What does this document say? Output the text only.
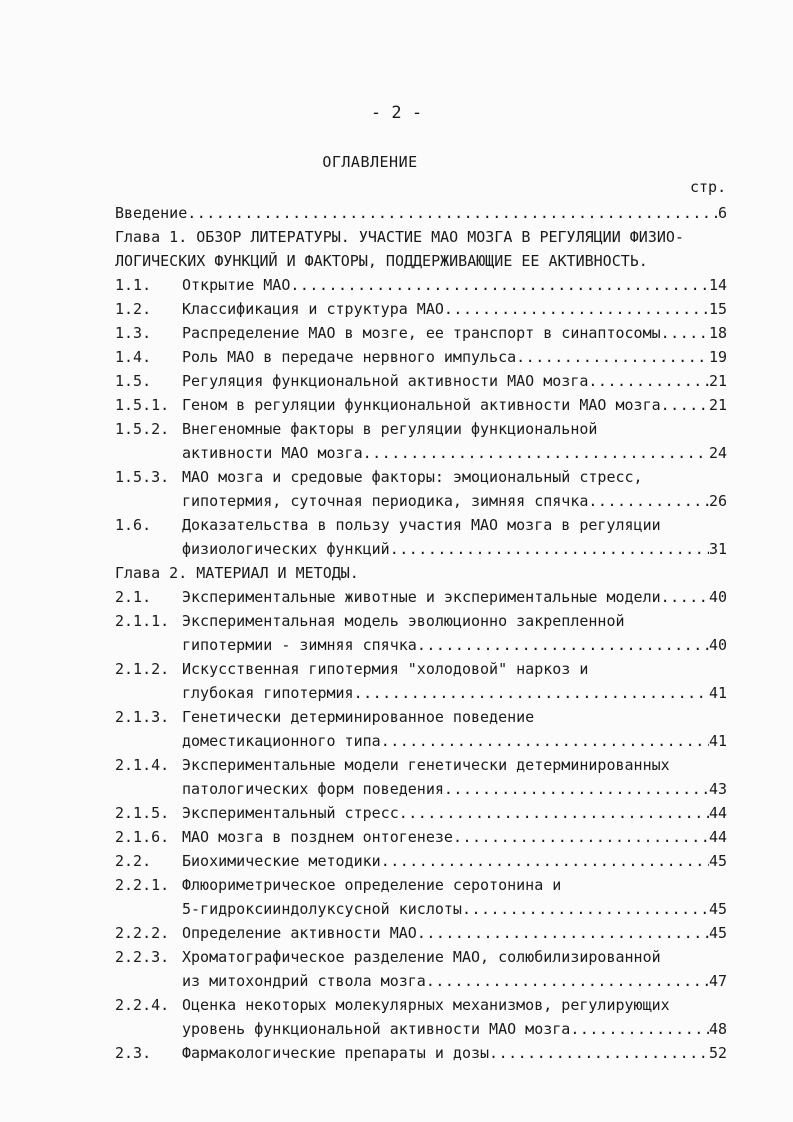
- 2 -
ОГЛАВЛЕНИЕ
стр.
Введение .....	6
Глава 1. ОБЗОР ЛИТЕРАТУРЫ. УЧАСТИЕ МАО МОЗГА В РЕГУЛЯЦИИ ФИЗИО-
ЛОГИЧЕСКИХ ФУНКЦИЙ И ФАКТОРЫ, ПОДДЕРЖИВАЮЩИЕ ЕЕ АКТИВНОСТЬ.
1.1.	Открытие МАО .....	14
1.2.	Классификация и структура МАО .....	15
1.3.	Распределение МАО в мозге, ее транспорт в синаптосомы .....	18
1.4.	Роль МАО в передаче нервного импульса .....	19
1.5.	Регуляция функциональной активности МАО мозга .....	21
1.5.1. Геном в регуляции функциональной активности МАО мозга .....	21
1.5.2. Внегеномные факторы в регуляции функциональной
активности МАО мозга .....	24
1.5.3. МАО мозга и средовые факторы: эмоциональный стресс,
гипотермия, суточная периодика, зимняя спячка .....	26
1.6.	Доказательства в пользу участия МАО мозга в регуляции
физиологических функций .....	31
Глава 2. МАТЕРИАЛ И МЕТОДЫ.
2.1.	Экспериментальные животные и экспериментальные модели .....	40
2.1.1. Экспериментальная модель эволюционно закрепленной
гипотермии - зимняя спячка .....	40
2.1.2. Искусственная гипотермия "холодовой" наркоз и
глубокая гипотермия .....	41
2.1.3. Генетически детерминированное поведение
доместикационного типа .....	41
2.1.4. Экспериментальные модели генетически детерминированных
патологических форм поведения .....	43
2.1.5. Экспериментальный стресс .....	44
2.1.6. МАО мозга в позднем онтогенезе .....	44
2.2.	Биохимические методики .....	45
2.2.1. Флюориметрическое определение серотонина и
5-гидроксииндолуксусной кислоты .....	45
2.2.2. Определение активности МАО .....	45
2.2.3. Хроматографическое разделение МАО, солюбилизированной
из митохондрий ствола мозга .....	47
2.2.4. Оценка некоторых молекулярных механизмов, регулирующих
уровень функциональной активности МАО мозга .....	48
2.3.	Фармакологические препараты и дозы .....	52
